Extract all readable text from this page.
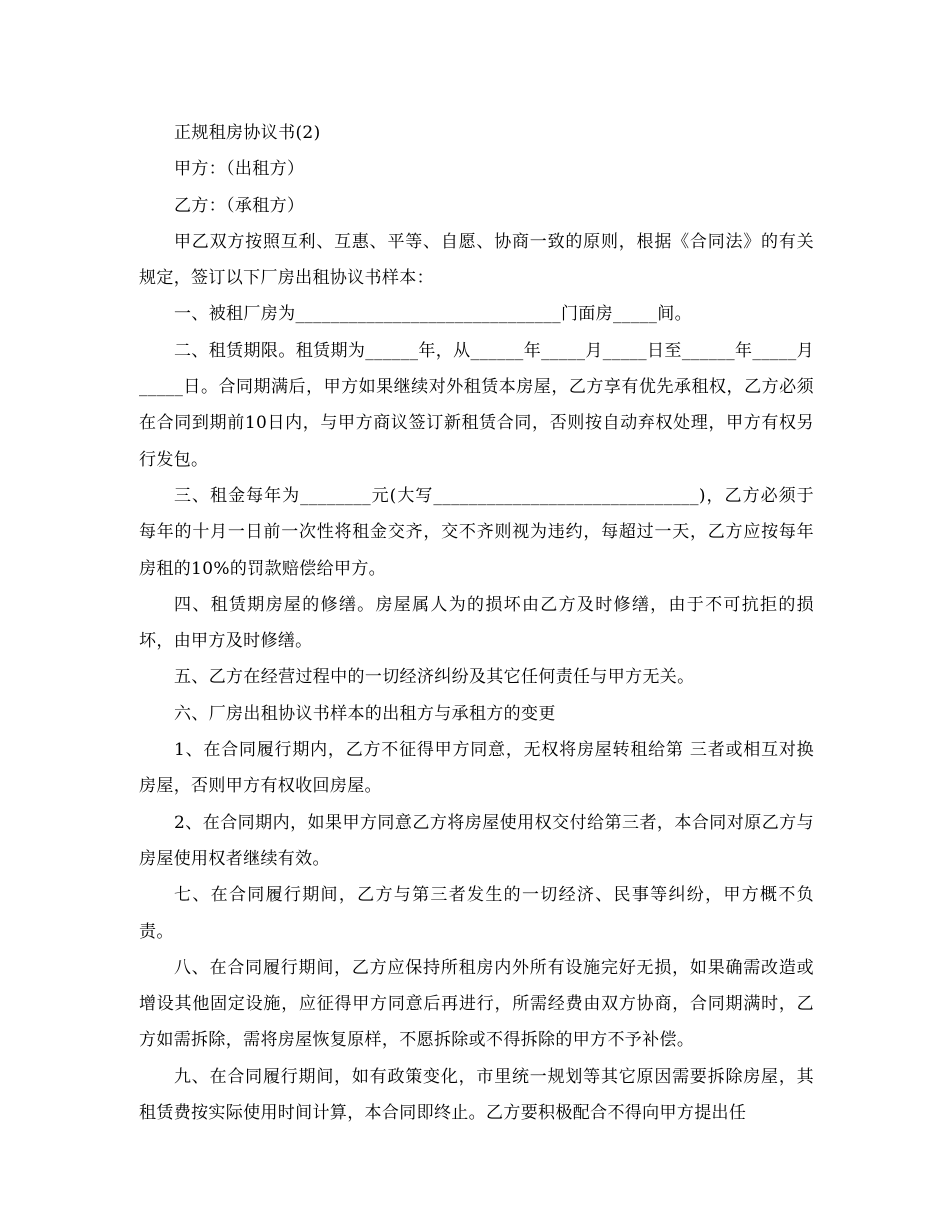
正规租房协议书(2)

甲方：（出租方）

乙方：（承租方）

甲乙双方按照互利、互惠、平等、自愿、协商一致的原则，根据《合同法》的有关规定，签订以下厂房出租协议书样本：

一、被租厂房为______________________________门面房_____间。

二、租赁期限。租赁期为______年，从______年_____月_____日至______年_____月_____日。合同期满后，甲方如果继续对外租赁本房屋，乙方享有优先承租权，乙方必须在合同到期前10日内，与甲方商议签订新租赁合同，否则按自动弃权处理，甲方有权另行发包。

三、租金每年为________元(大写______________________________)，乙方必须于每年的十月一日前一次性将租金交齐，交不齐则视为违约，每超过一天，乙方应按每年房租的10%的罚款赔偿给甲方。

四、租赁期房屋的修缮。房屋属人为的损坏由乙方及时修缮，由于不可抗拒的损坏，由甲方及时修缮。

五、乙方在经营过程中的一切经济纠纷及其它任何责任与甲方无关。

六、厂房出租协议书样本的出租方与承租方的变更

1、在合同履行期内，乙方不征得甲方同意，无权将房屋转租给第 三者或相互对换房屋，否则甲方有权收回房屋。

2、在合同期内，如果甲方同意乙方将房屋使用权交付给第三者，本合同对原乙方与房屋使用权者继续有效。

七、在合同履行期间，乙方与第三者发生的一切经济、民事等纠纷，甲方概不负责。

八、在合同履行期间，乙方应保持所租房内外所有设施完好无损，如果确需改造或增设其他固定设施，应征得甲方同意后再进行，所需经费由双方协商，合同期满时，乙方如需拆除，需将房屋恢复原样，不愿拆除或不得拆除的甲方不予补偿。

九、在合同履行期间，如有政策变化，市里统一规划等其它原因需要拆除房屋，其租赁费按实际使用时间计算，本合同即终止。乙方要积极配合不得向甲方提出任
